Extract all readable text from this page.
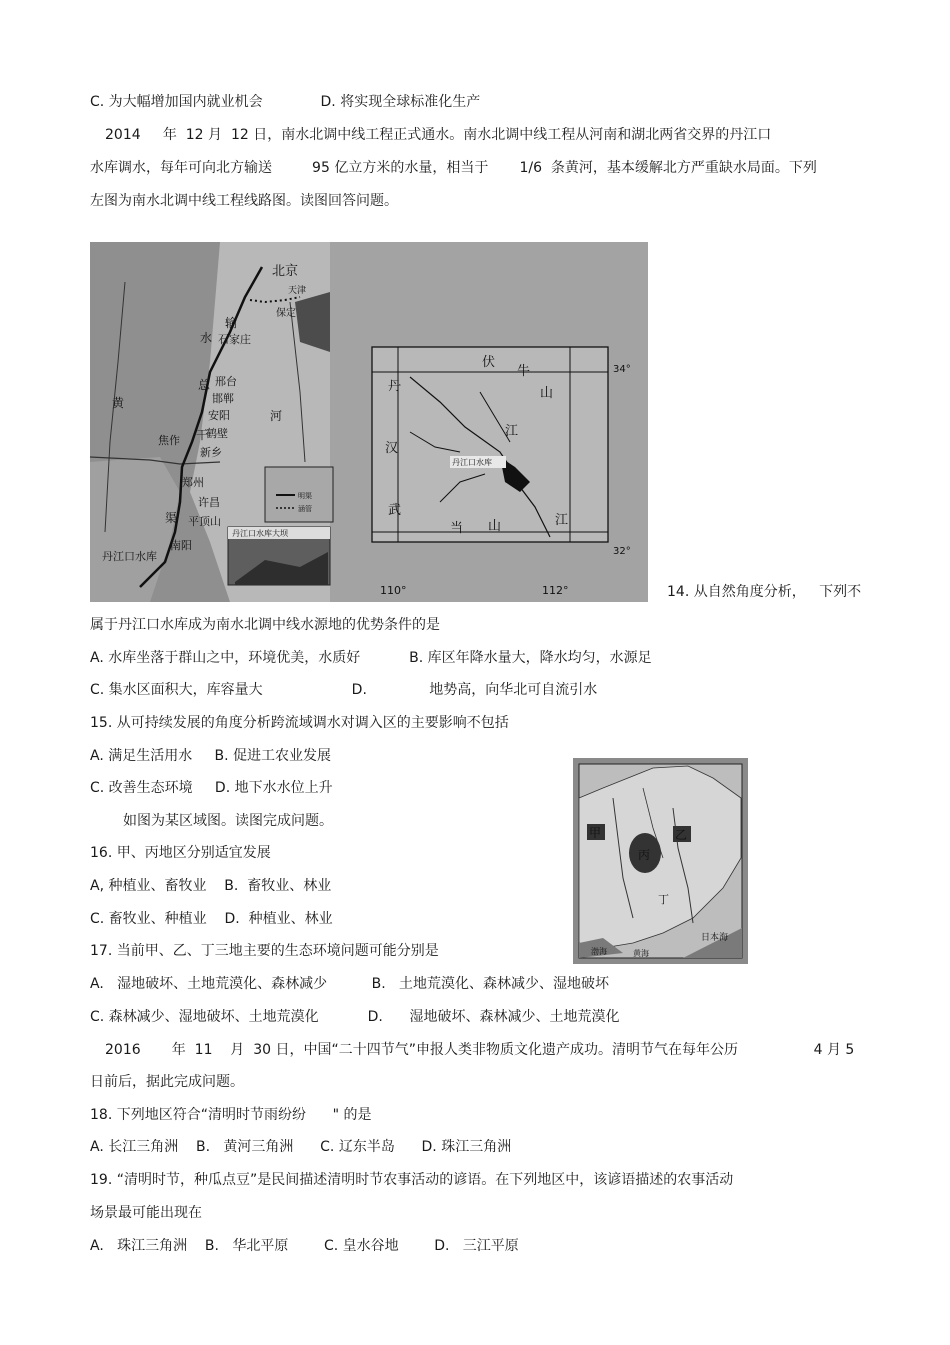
C. 为大幅增加国内就业机会             D. 将实现全球标准化生产
2014     年  12 月  12 日，南水北调中线工程正式通水。南水北调中线工程从河南和湖北两省交界的丹江口
水库调水，每年可向北方输送         95 亿立方米的水量，相当于       1/6  条黄河，基本缓解北方严重缺水局面。下列
左图为南水北调中线工程线路图。读图回答问题。
北京
天津
保定
石家庄
邢台
邯郸
安阳
鹤壁
新乡
焦作
郑州
许昌
平顶山
南阳
丹江口水库
输
水
总
干
渠
黄
河
明渠
涵管
丹江口水库大坝
伏
牛
山
丹
汉
江
武
当 山	江
丹江口水库
34°
32°
110°	112°	14. 从自然角度分析，   下列不
属于丹江口水库成为南水北调中线水源地的优势条件的是
A. 水库坐落于群山之中，环境优美，水质好           B. 库区年降水量大，降水均匀，水源足
C. 集水区面积大，库容量大                    D.              地势高，向华北可自流引水
15. 从可持续发展的角度分析跨流域调水对调入区的主要影响不包括
A. 满足生活用水     B. 促进工农业发展
C. 改善生态环境     D. 地下水水位上升
如图为某区域图。读图完成问题。
16. 甲、丙地区分别适宜发展
A, 种植业、畜牧业    B.  畜牧业、林业
C. 畜牧业、种植业    D.  种植业、林业
17. 当前甲、乙、丁三地主要的生态环境问题可能分别是
A.   湿地破坏、土地荒漠化、森林减少          B.   土地荒漠化、森林减少、湿地破坏
C. 森林减少、湿地破坏、土地荒漠化           D.      湿地破坏、森林减少、土地荒漠化
甲	乙
丙
丁
日本海
渤海	黄海
2016       年  11    月  30 日，中国“二十四节气”申报人类非物质文化遗产成功。清明节气在每年公历                 4 月 5
日前后，据此完成问题。
18. 下列地区符合“清明时节雨纷纷      " 的是
A. 长江三角洲    B.   黄河三角洲      C. 辽东半岛      D. 珠江三角洲
19. “清明时节，种瓜点豆”是民间描述清明时节农事活动的谚语。在下列地区中，该谚语描述的农事活动
场景最可能出现在
A.   珠江三角洲    B.   华北平原        C. 皇水谷地        D.   三江平原
